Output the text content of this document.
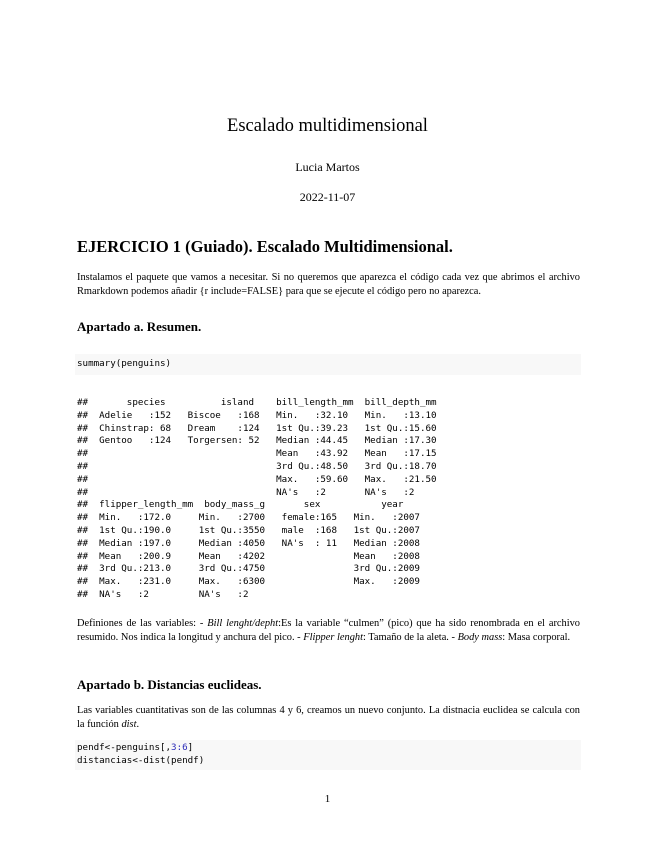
Escalado multidimensional
Lucia Martos
2022-11-07
EJERCICIO 1 (Guiado). Escalado Multidimensional.
Instalamos el paquete que vamos a necesitar. Si no queremos que aparezca el código cada vez que abrimos el archivo Rmarkdown podemos añadir {r include=FALSE} para que se ejecute el código pero no aparezca.
Apartado a. Resumen.
summary(penguins)
##       species          island    bill_length_mm  bill_depth_mm
##  Adelie   :152   Biscoe   :168   Min.   :32.10   Min.   :13.10
##  Chinstrap: 68   Dream    :124   1st Qu.:39.23   1st Qu.:15.60
##  Gentoo   :124   Torgersen: 52   Median :44.45   Median :17.30
##                                  Mean   :43.92   Mean   :17.15
##                                  3rd Qu.:48.50   3rd Qu.:18.70
##                                  Max.   :59.60   Max.   :21.50
##                                  NA's   :2       NA's   :2
##  flipper_length_mm  body_mass_g       sex           year
##  Min.   :172.0     Min.   :2700   female:165   Min.   :2007
##  1st Qu.:190.0     1st Qu.:3550   male  :168   1st Qu.:2007
##  Median :197.0     Median :4050   NA's  : 11   Median :2008
##  Mean   :200.9     Mean   :4202                Mean   :2008
##  3rd Qu.:213.0     3rd Qu.:4750                3rd Qu.:2009
##  Max.   :231.0     Max.   :6300                Max.   :2009
##  NA's   :2         NA's   :2
Definiones de las variables: - Bill lenght/depht:Es la variable “culmen” (pico) que ha sido renombrada en el archivo resumido. Nos indica la longitud y anchura del pico. - Flipper lenght: Tamaño de la aleta. - Body mass: Masa corporal.
Apartado b. Distancias euclideas.
Las variables cuantitativas son de las columnas 4 y 6, creamos un nuevo conjunto. La distnacia euclidea se calcula con la función dist.
pendf<-penguins[,3:6]
distancias<-dist(pendf)
1
